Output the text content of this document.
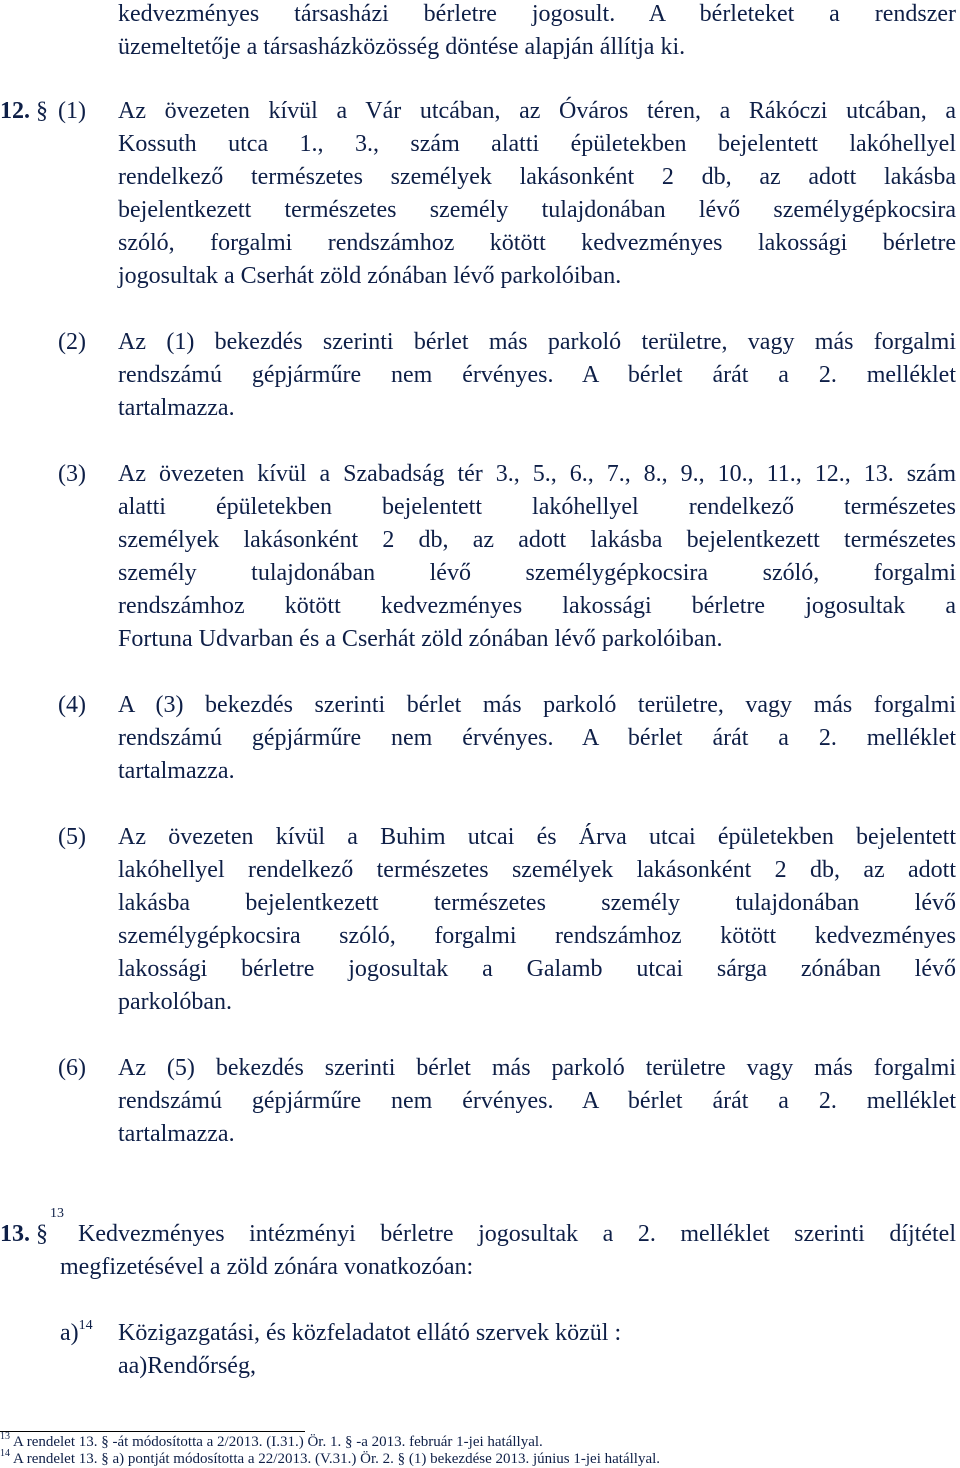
kedvezményes társasházi bérletre jogosult. A bérleteket a rendszer
üzemeltetője a társasházközösség döntése alapján állítja ki.
12. § (1) Az övezeten kívül a Vár utcában, az Óváros téren, a Rákóczi utcában, a
Kossuth utca 1., 3., szám alatti épületekben bejelentett lakóhellyel
rendelkező természetes személyek lakásonként 2 db, az adott lakásba
bejelentkezett természetes személy tulajdonában lévő személygépkocsira
szóló, forgalmi rendszámhoz kötött kedvezményes lakossági bérletre
jogosultak a Cserhát zöld zónában lévő parkolóiban.
(2) Az (1) bekezdés szerinti bérlet más parkoló területre, vagy más forgalmi
rendszámú gépjárműre nem érvényes. A bérlet árát a 2. melléklet
tartalmazza.
(3) Az övezeten kívül a Szabadság tér 3., 5., 6., 7., 8., 9., 10., 11., 12., 13. szám
alatti épületekben bejelentett lakóhellyel rendelkező természetes
személyek lakásonként 2 db, az adott lakásba bejelentkezett természetes
személy tulajdonában lévő személygépkocsira szóló, forgalmi
rendszámhoz kötött kedvezményes lakossági bérletre jogosultak a
Fortuna Udvarban és a Cserhát zöld zónában lévő parkolóiban.
(4) A (3) bekezdés szerinti bérlet más parkoló területre, vagy más forgalmi
rendszámú gépjárműre nem érvényes. A bérlet árát a 2. melléklet
tartalmazza.
(5) Az övezeten kívül a Buhim utcai és Árva utcai épületekben bejelentett
lakóhellyel rendelkező természetes személyek lakásonként 2 db, az adott
lakásba bejelentkezett természetes személy tulajdonában lévő
személygépkocsira szóló, forgalmi rendszámhoz kötött kedvezményes
lakossági bérletre jogosultak a Galamb utcai sárga zónában lévő
parkolóban.
(6) Az (5) bekezdés szerinti bérlet más parkoló területre vagy más forgalmi
rendszámú gépjárműre nem érvényes. A bérlet árát a 2. melléklet
tartalmazza.
13. §
13
Kedvezményes intézményi bérletre jogosultak a 2. melléklet szerinti díjtétel
megfizetésével a zöld zónára vonatkozóan:
a)$^{14}$ Közigazgatási, és közfeladatot ellátó szervek közül :
aa)Rendőrség,
$^{13}$ A rendelet 13. § -át módosította a 2/2013. (I.31.) Ör. 1. § -a 2013. február 1-jei hatállyal.
$^{14}$ A rendelet 13. § a) pontját módosította a 22/2013. (V.31.) Ör. 2. § (1) bekezdése 2013. június 1-jei hatállyal.
